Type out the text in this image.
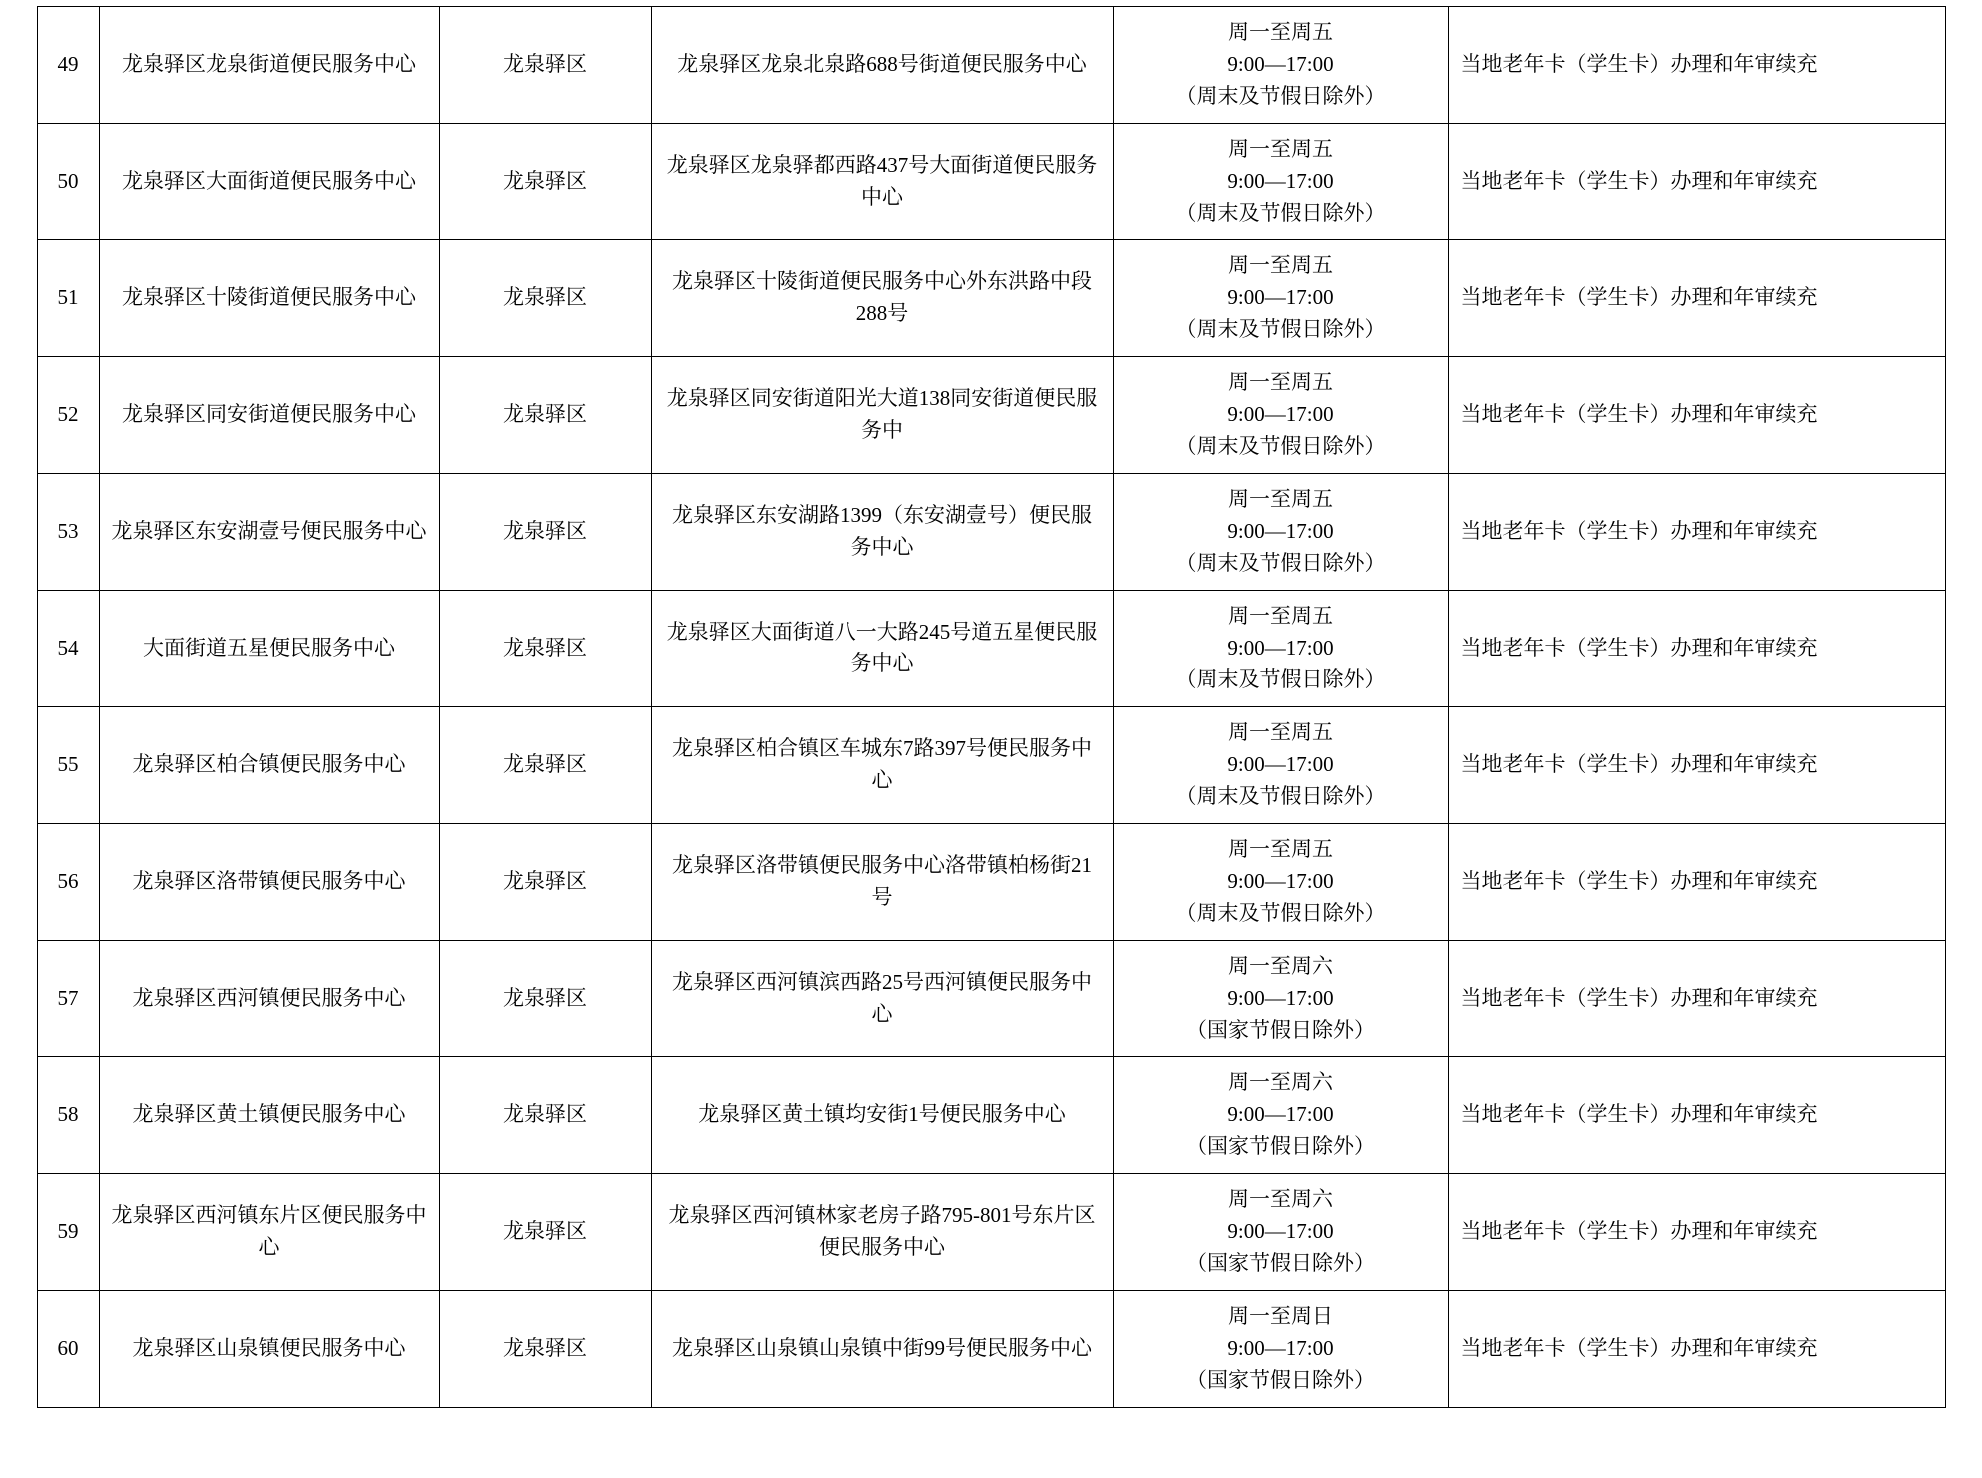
49	龙泉驿区龙泉街道便民服务中心	龙泉驿区	龙泉驿区龙泉北泉路688号街道便民服务中心	周一至周五
9:00—17:00
（周末及节假日除外）	当地老年卡（学生卡）办理和年审续充
50	龙泉驿区大面街道便民服务中心	龙泉驿区	龙泉驿区龙泉驿都西路437号大面街道便民服务中心	周一至周五
9:00—17:00
（周末及节假日除外）	当地老年卡（学生卡）办理和年审续充
51	龙泉驿区十陵街道便民服务中心	龙泉驿区	龙泉驿区十陵街道便民服务中心外东洪路中段288号	周一至周五
9:00—17:00
（周末及节假日除外）	当地老年卡（学生卡）办理和年审续充
52	龙泉驿区同安街道便民服务中心	龙泉驿区	龙泉驿区同安街道阳光大道138同安街道便民服务中	周一至周五
9:00—17:00
（周末及节假日除外）	当地老年卡（学生卡）办理和年审续充
53	龙泉驿区东安湖壹号便民服务中心	龙泉驿区	龙泉驿区东安湖路1399（东安湖壹号）便民服务中心	周一至周五
9:00—17:00
（周末及节假日除外）	当地老年卡（学生卡）办理和年审续充
54	大面街道五星便民服务中心	龙泉驿区	龙泉驿区大面街道八一大路245号道五星便民服务中心	周一至周五
9:00—17:00
（周末及节假日除外）	当地老年卡（学生卡）办理和年审续充
55	龙泉驿区柏合镇便民服务中心	龙泉驿区	龙泉驿区柏合镇区车城东7路397号便民服务中心	周一至周五
9:00—17:00
（周末及节假日除外）	当地老年卡（学生卡）办理和年审续充
56	龙泉驿区洛带镇便民服务中心	龙泉驿区	龙泉驿区洛带镇便民服务中心洛带镇柏杨街21号	周一至周五
9:00—17:00
（周末及节假日除外）	当地老年卡（学生卡）办理和年审续充
57	龙泉驿区西河镇便民服务中心	龙泉驿区	龙泉驿区西河镇滨西路25号西河镇便民服务中心	周一至周六
9:00—17:00
（国家节假日除外）	当地老年卡（学生卡）办理和年审续充
58	龙泉驿区黄土镇便民服务中心	龙泉驿区	龙泉驿区黄土镇均安街1号便民服务中心	周一至周六
9:00—17:00
（国家节假日除外）	当地老年卡（学生卡）办理和年审续充
59	龙泉驿区西河镇东片区便民服务中心	龙泉驿区	龙泉驿区西河镇林家老房子路795-801号东片区便民服务中心	周一至周六
9:00—17:00
（国家节假日除外）	当地老年卡（学生卡）办理和年审续充
60	龙泉驿区山泉镇便民服务中心	龙泉驿区	龙泉驿区山泉镇山泉镇中街99号便民服务中心	周一至周日
9:00—17:00
（国家节假日除外）	当地老年卡（学生卡）办理和年审续充
